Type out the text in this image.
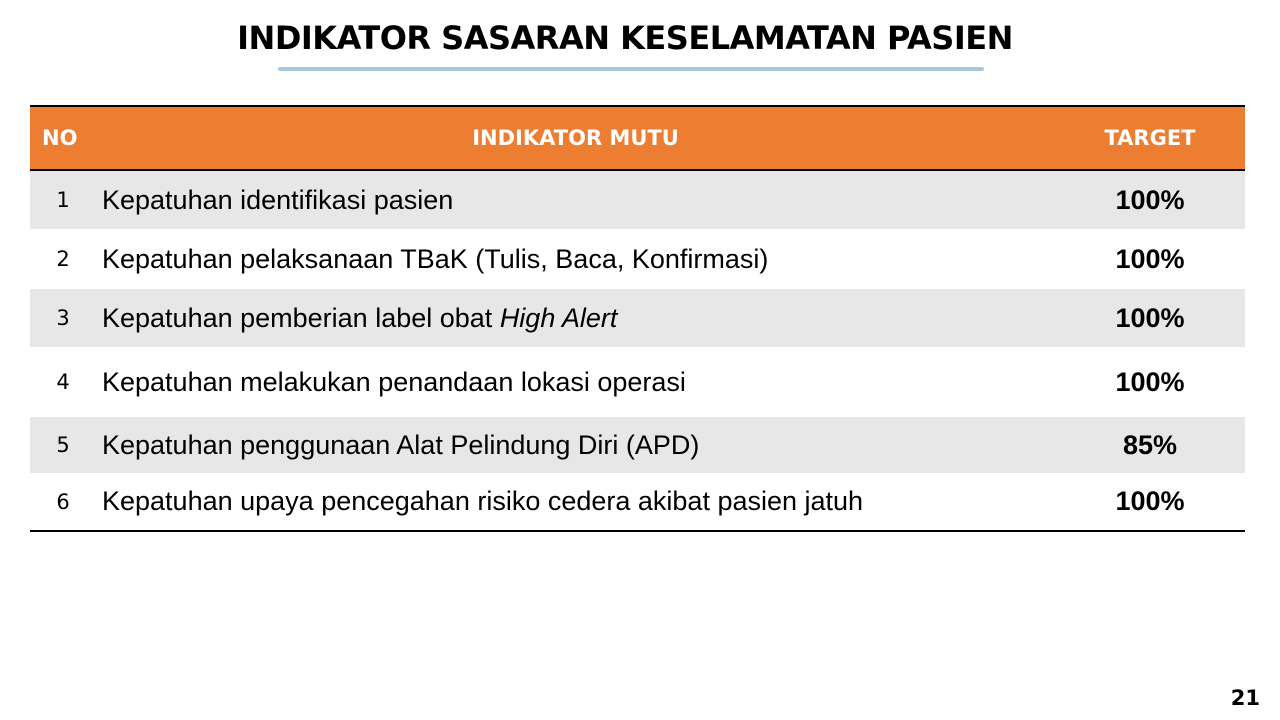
INDIKATOR SASARAN KESELAMATAN PASIEN
NO	INDIKATOR MUTU	TARGET
1	Kepatuhan identifikasi pasien	100%
2	Kepatuhan pelaksanaan TBaK (Tulis, Baca, Konfirmasi)	100%
3	Kepatuhan pemberian label obat High Alert	100%
4	Kepatuhan melakukan penandaan lokasi operasi	100%
5	Kepatuhan penggunaan Alat Pelindung Diri (APD)	85%
6	Kepatuhan upaya pencegahan risiko cedera akibat pasien jatuh	100%
21
